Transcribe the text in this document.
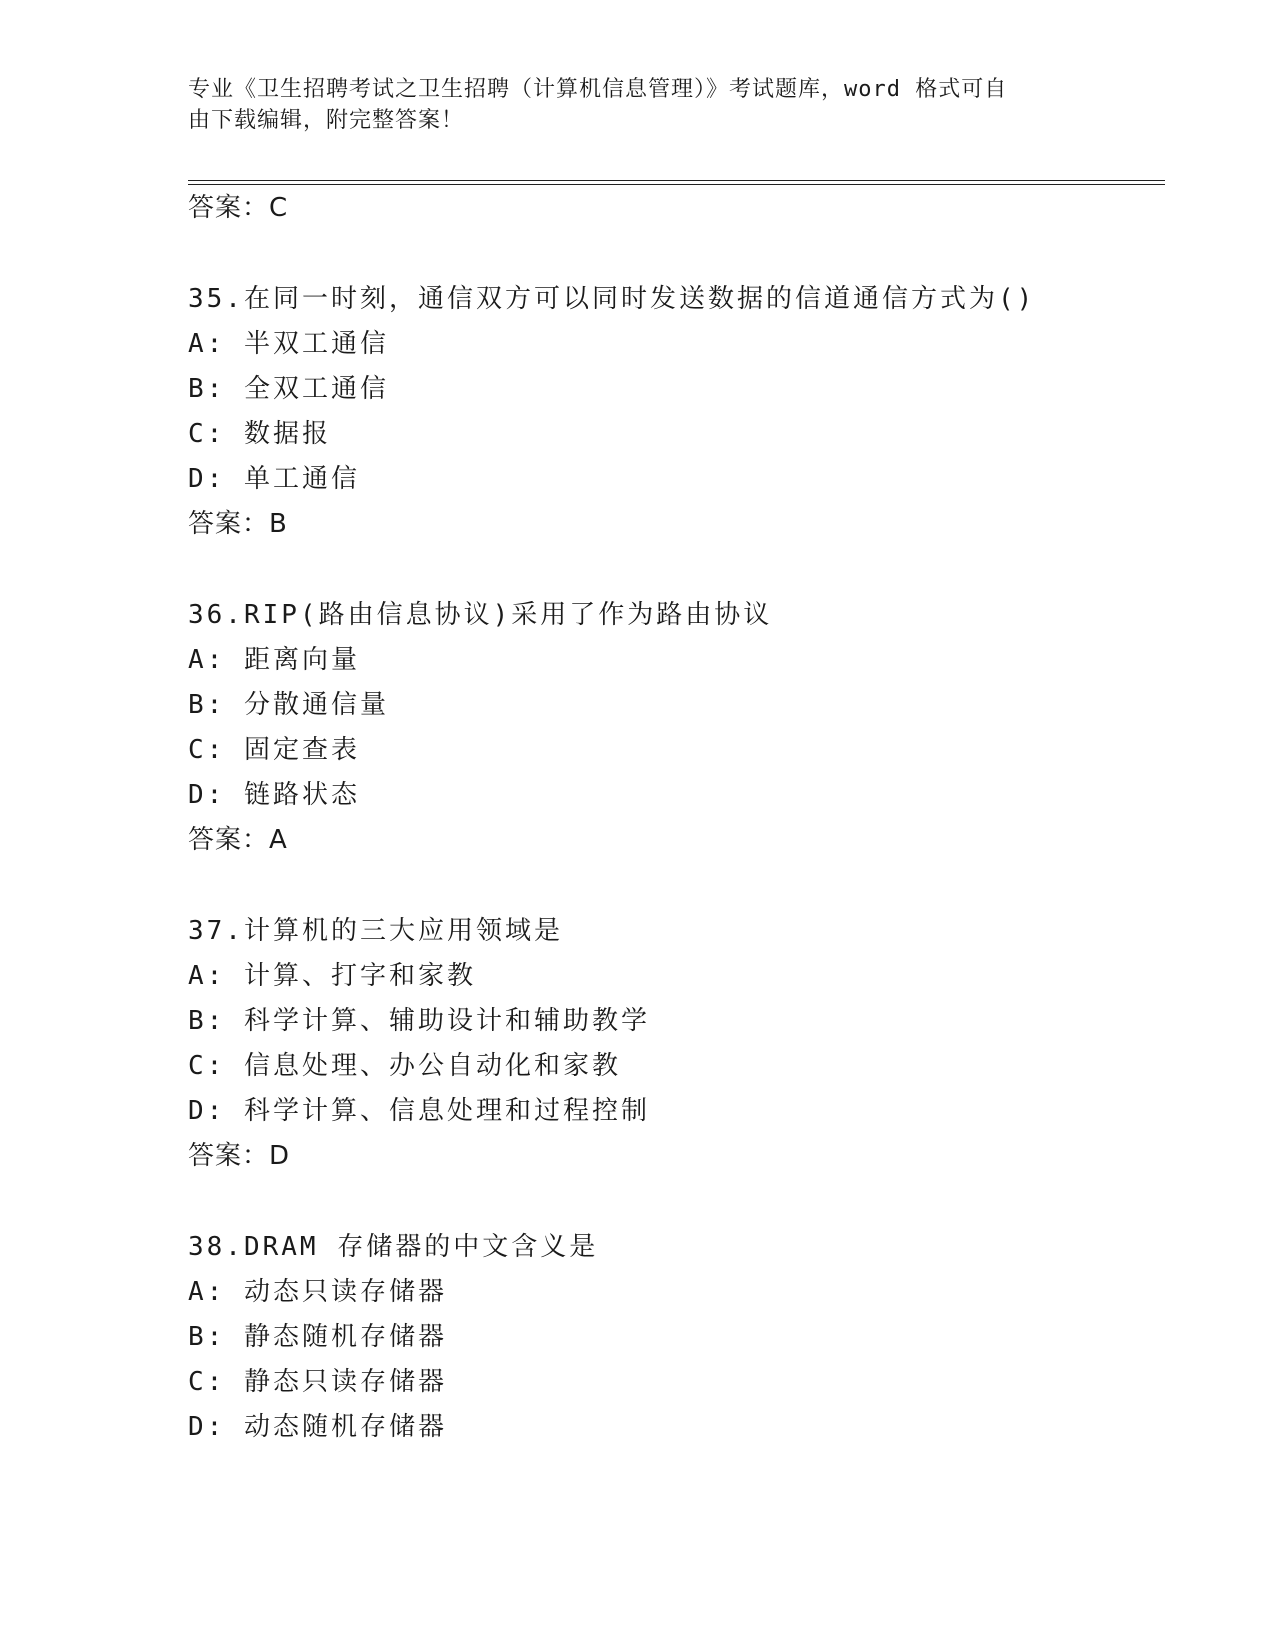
专业《卫生招聘考试之卫生招聘（计算机信息管理）》考试题库，word 格式可自
由下载编辑，附完整答案！
答案：C
35.在同一时刻，通信双方可以同时发送数据的信道通信方式为()
A: 半双工通信
B: 全双工通信
C: 数据报
D: 单工通信
答案：B
36.RIP(路由信息协议)采用了作为路由协议
A: 距离向量
B: 分散通信量
C: 固定查表
D: 链路状态
答案：A
37.计算机的三大应用领域是
A: 计算、打字和家教
B: 科学计算、辅助设计和辅助教学
C: 信息处理、办公自动化和家教
D: 科学计算、信息处理和过程控制
答案：D
38.DRAM 存储器的中文含义是
A: 动态只读存储器
B: 静态随机存储器
C: 静态只读存储器
D: 动态随机存储器
